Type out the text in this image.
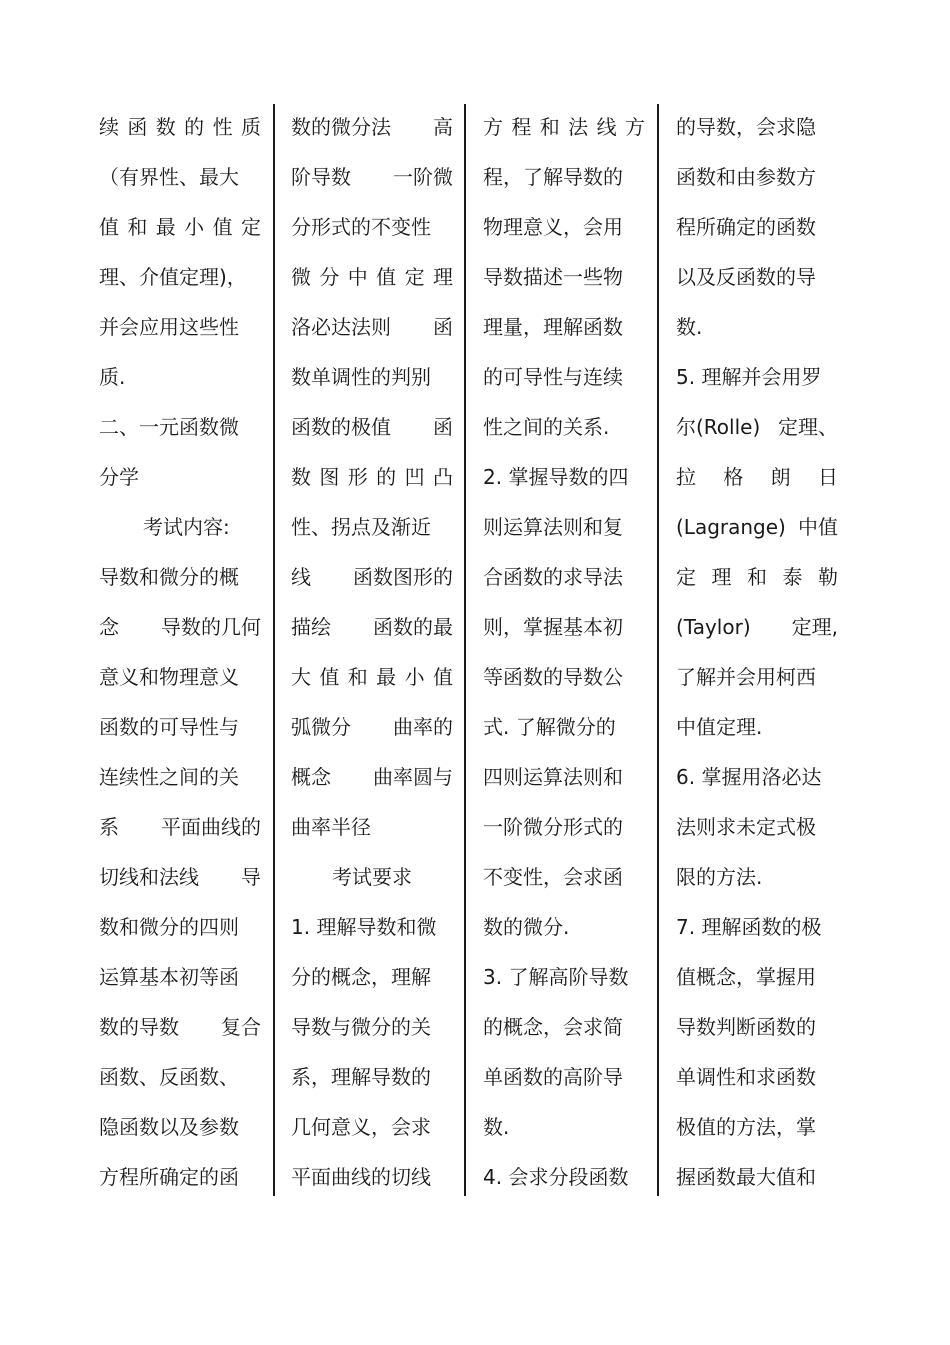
续 函 数 的 性 质
（有界性、最大
值 和 最 小 值 定
理、介值定理)，
并会应用这些性
质.
二、一元函数微
分学
考试内容:
导数和微分的概
念 导数的几何
意义和物理意义
函数的可导性与
连续性之间的关
系 平面曲线的
切线和法线 导
数和微分的四则
运算基本初等函
数的导数 复合
函数、反函数、
隐函数以及参数
方程所确定的函
数的微分法 高
阶导数 一阶微
分形式的不变性
微 分 中 值 定 理
洛必达法则 函
数单调性的判别
函数的极值 函
数 图 形 的 凹 凸
性、拐点及渐近
线 函数图形的
描绘 函数的最
大 值 和 最 小 值
弧微分 曲率的
概念 曲率圆与
曲率半径
考试要求
1. 理解导数和微
分的概念，理解
导数与微分的关
系，理解导数的
几何意义，会求
平面曲线的切线
方 程 和 法 线 方
程，了解导数的
物理意义，会用
导数描述一些物
理量，理解函数
的可导性与连续
性之间的关系.
2. 掌握导数的四
则运算法则和复
合函数的求导法
则，掌握基本初
等函数的导数公
式. 了解微分的
四则运算法则和
一阶微分形式的
不变性，会求函
数的微分.
3. 了解高阶导数
的概念，会求简
单函数的高阶导
数.
4. 会求分段函数
的导数，会求隐
函数和由参数方
程所确定的函数
以及反函数的导
数.
5. 理解并会用罗
尔(Rolle) 定理、
拉 格 朗 日
(Lagrange) 中值
定 理 和 泰 勒
(Taylor) 定理,
了解并会用柯西
中值定理.
6. 掌握用洛必达
法则求未定式极
限的方法.
7. 理解函数的极
值概念，掌握用
导数判断函数的
单调性和求函数
极值的方法，掌
握函数最大值和
